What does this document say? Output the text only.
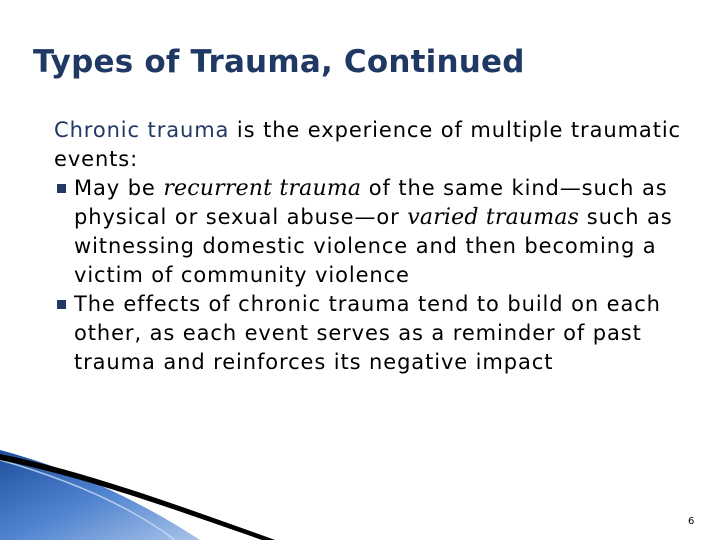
Types of Trauma, Continued
Chronic trauma is the experience of multiple traumatic events:
May be recurrent trauma of the same kind—such as physical or sexual abuse—or varied traumas such as witnessing domestic violence and then becoming a victim of community violence
The effects of chronic trauma tend to build on each other, as each event serves as a reminder of past trauma and reinforces its negative impact
6
